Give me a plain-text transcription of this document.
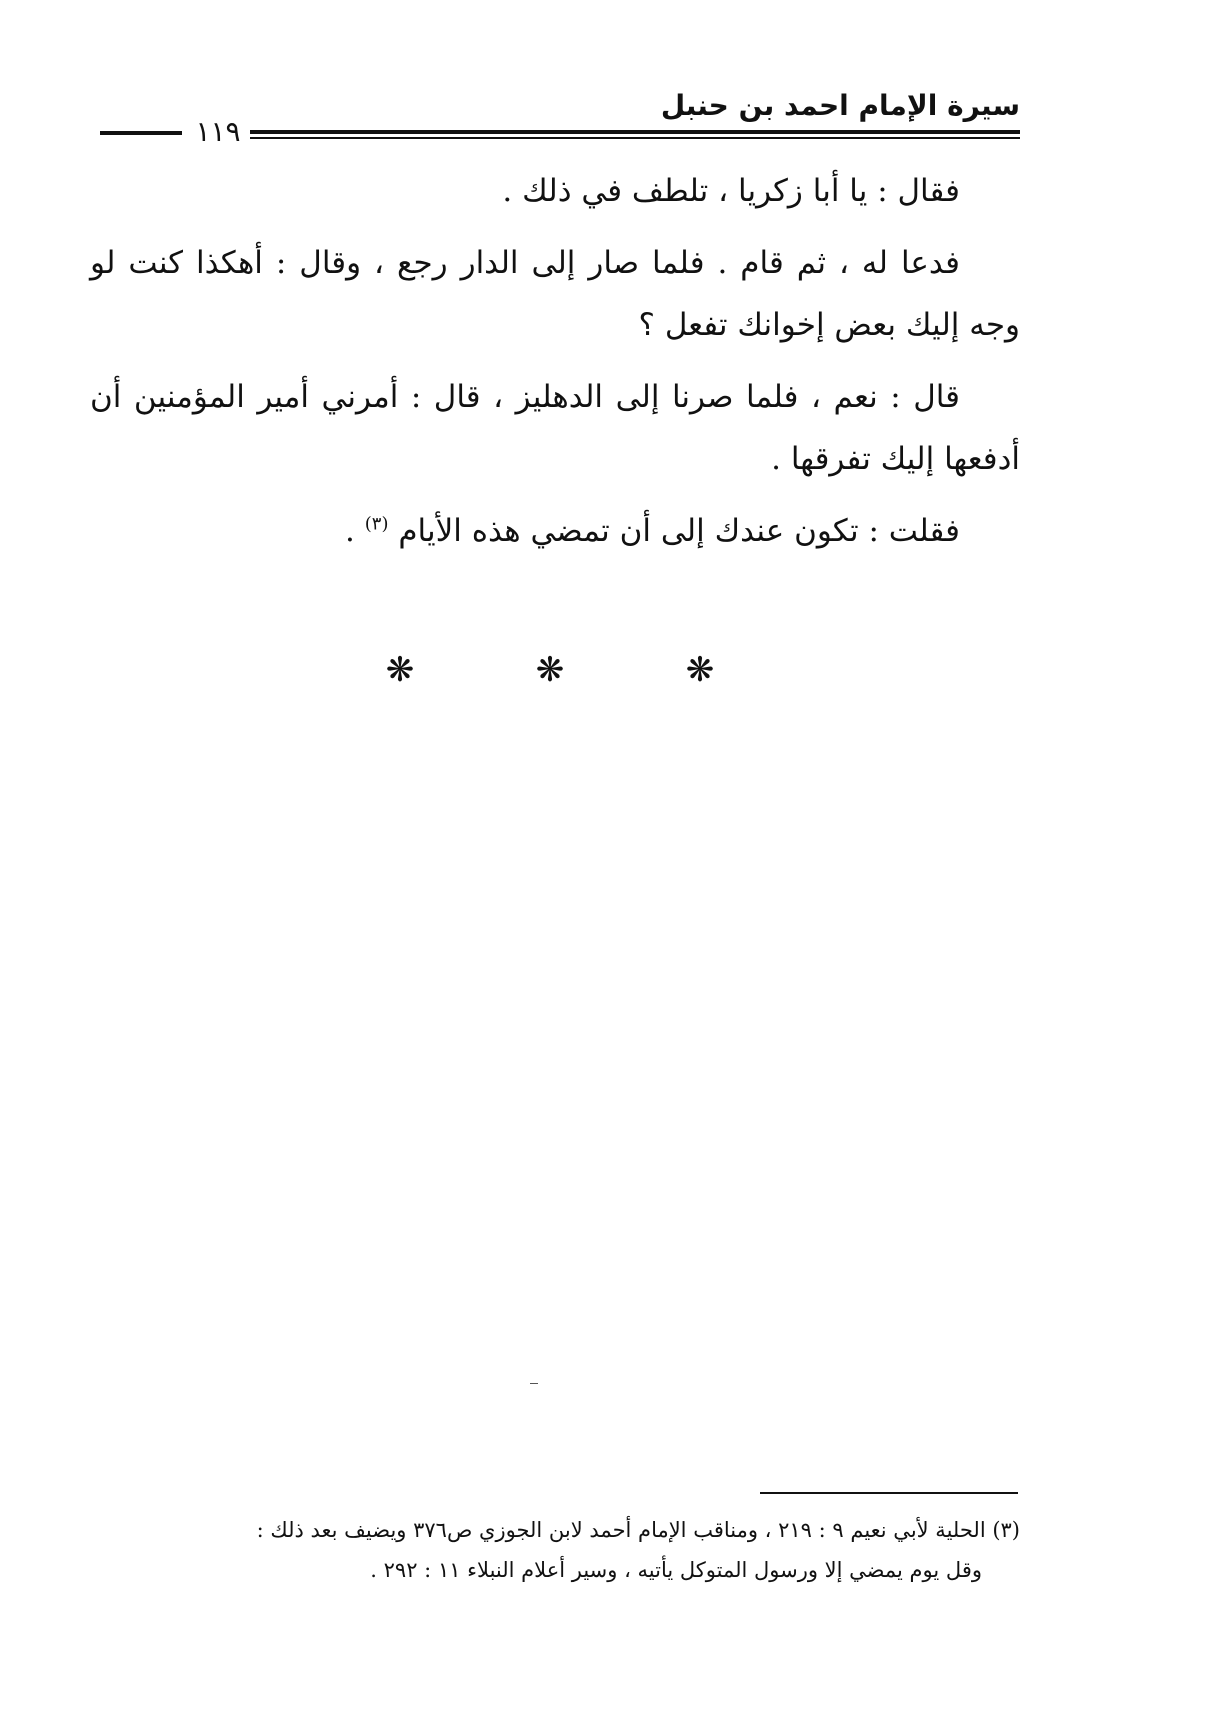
سيرة الإمام احمد بن حنبل
١١٩

فقال : يا أبا زكريا ، تلطف في ذلك .

فدعا له ، ثم قام . فلما صار إلى الدار رجع ، وقال : أهكذا كنت لو وجه إليك بعض إخوانك تفعل ؟

قال : نعم ، فلما صرنا إلى الدهليز ، قال : أمرني أمير المؤمنين أن أدفعها إليك تفرقها .

فقلت : تكون عندك إلى أن تمضي هذه الأيام $^{(٣)}$ .

❋	❋	❋

(٣) الحلية لأبي نعيم ٩ : ٢١٩ ، ومناقب الإمام أحمد لابن الجوزي ص٣٧٦ ويضيف بعد ذلك :

وقل يوم يمضي إلا ورسول المتوكل يأتيه ، وسير أعلام النبلاء ١١ : ٢٩٢ .
